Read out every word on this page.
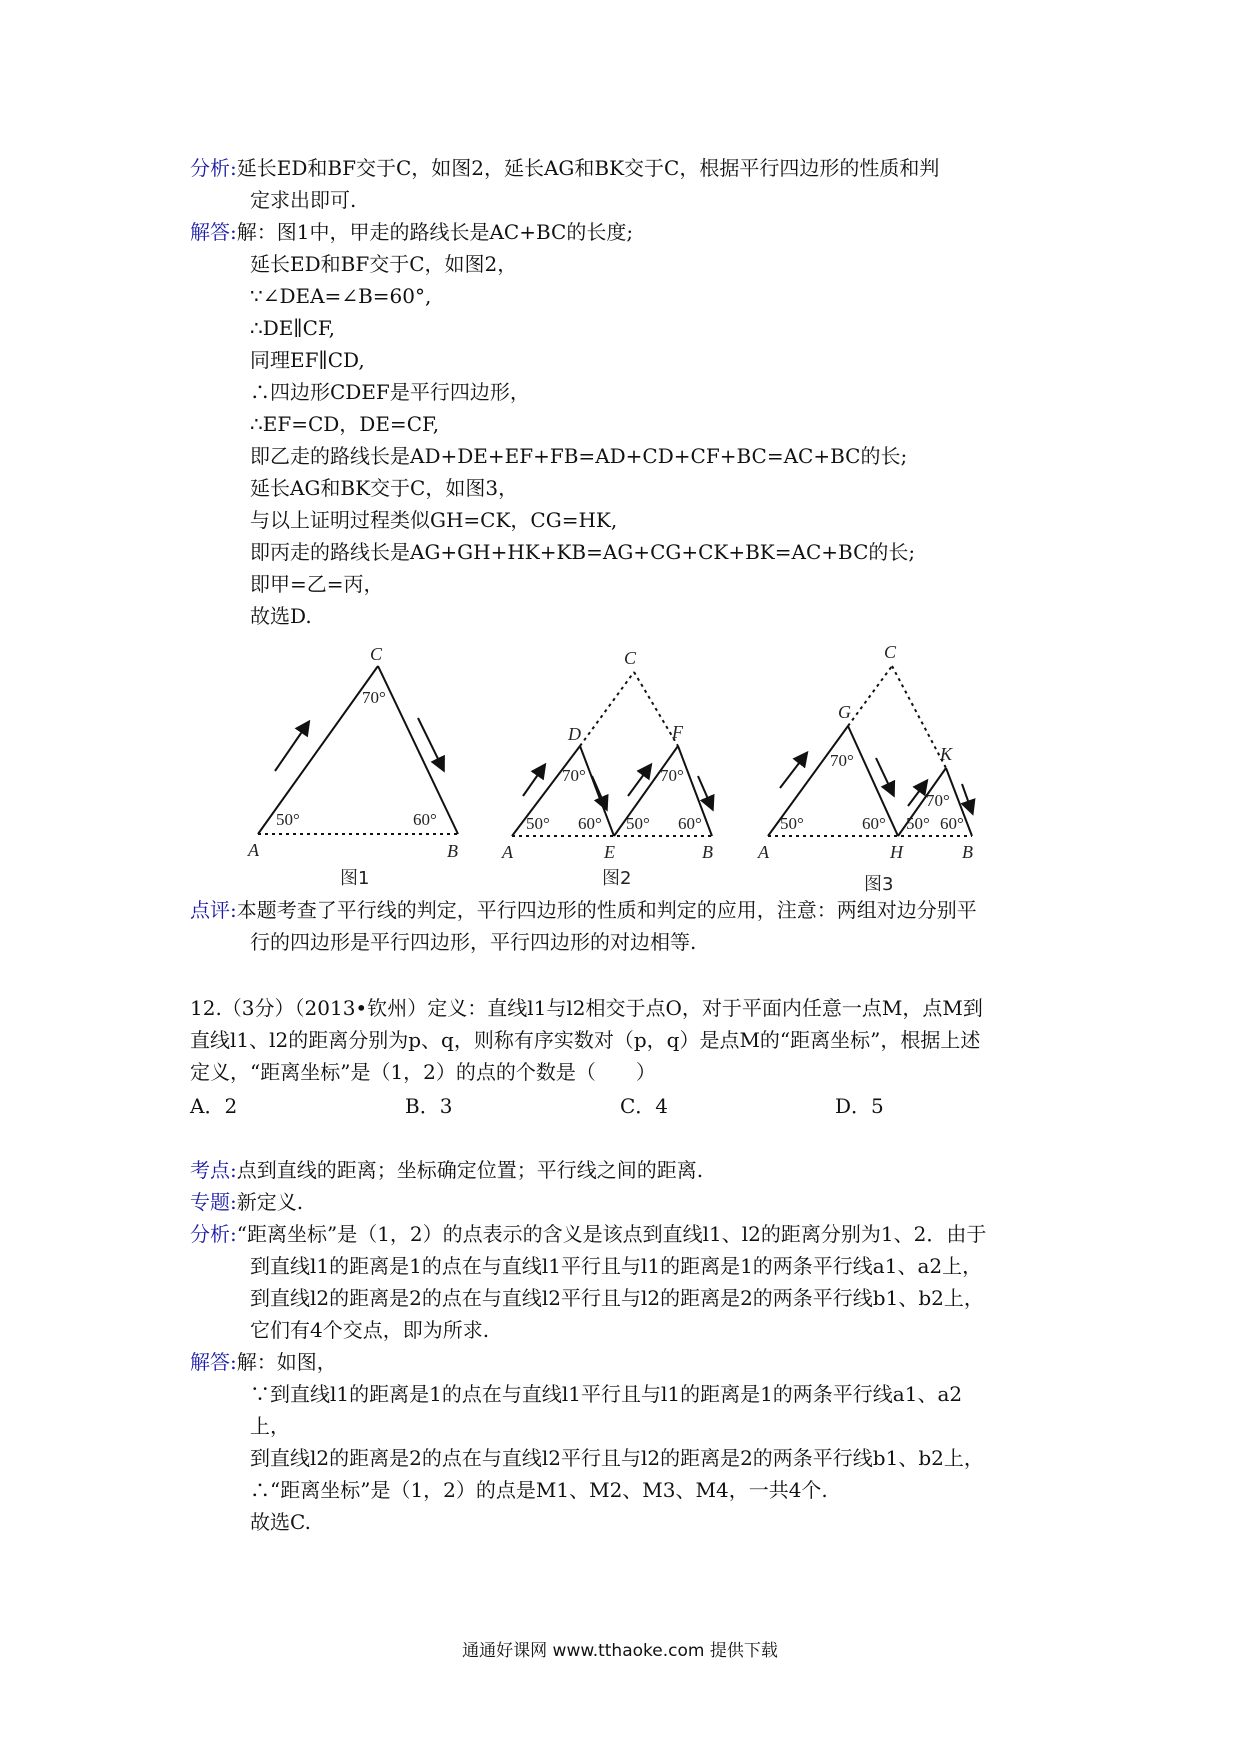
分析:延长ED和BF交于C，如图2，延长AG和BK交于C，根据平行四边形的性质和判
定求出即可.
解答:解：图1中，甲走的路线长是AC+BC的长度;
延长ED和BF交于C，如图2，
∵∠DEA=∠B=60°,
∴DE∥CF,
同理EF∥CD,
∴四边形CDEF是平行四边形，
∴EF=CD，DE=CF,
即乙走的路线长是AD+DE+EF+FB=AD+CD+CF+BC=AC+BC的长;
延长AG和BK交于C，如图3，
与以上证明过程类似GH=CK，CG=HK,
即丙走的路线长是AG+GH+HK+KB=AG+CG+CK+BK=AC+BC的长;
即甲=乙=丙，
故选D.
C
A	B
70°
50°	60°
图1
C
D	F
A	E	B
50°
70°
60° 50°
70°
60°
图2
C
G
K
A	H	B
50°
70°
60° 50°
70°
60°
图3
点评:本题考查了平行线的判定，平行四边形的性质和判定的应用，注意：两组对边分别平
行的四边形是平行四边形，平行四边形的对边相等.
12.（3分）（2013•钦州）定义：直线l1与l2相交于点O，对于平面内任意一点M，点M到
直线l1、l2的距离分别为p、q，则称有序实数对（p，q）是点M的“距离坐标”，根据上述
定义，“距离坐标”是（1，2）的点的个数是（　　）
A．2	B．3	C．4	D．5
考点:点到直线的距离；坐标确定位置；平行线之间的距离.
专题:新定义.
分析:“距离坐标”是（1，2）的点表示的含义是该点到直线l1、l2的距离分别为1、2．由于
到直线l1的距离是1的点在与直线l1平行且与l1的距离是1的两条平行线a1、a2上，
到直线l2的距离是2的点在与直线l2平行且与l2的距离是2的两条平行线b1、b2上，
它们有4个交点，即为所求.
解答:解：如图，
∵到直线l1的距离是1的点在与直线l1平行且与l1的距离是1的两条平行线a1、a2
上，
到直线l2的距离是2的点在与直线l2平行且与l2的距离是2的两条平行线b1、b2上，
∴“距离坐标”是（1，2）的点是M1、M2、M3、M4，一共4个.
故选C.
通通好课网 www.tthaoke.com 提供下载
